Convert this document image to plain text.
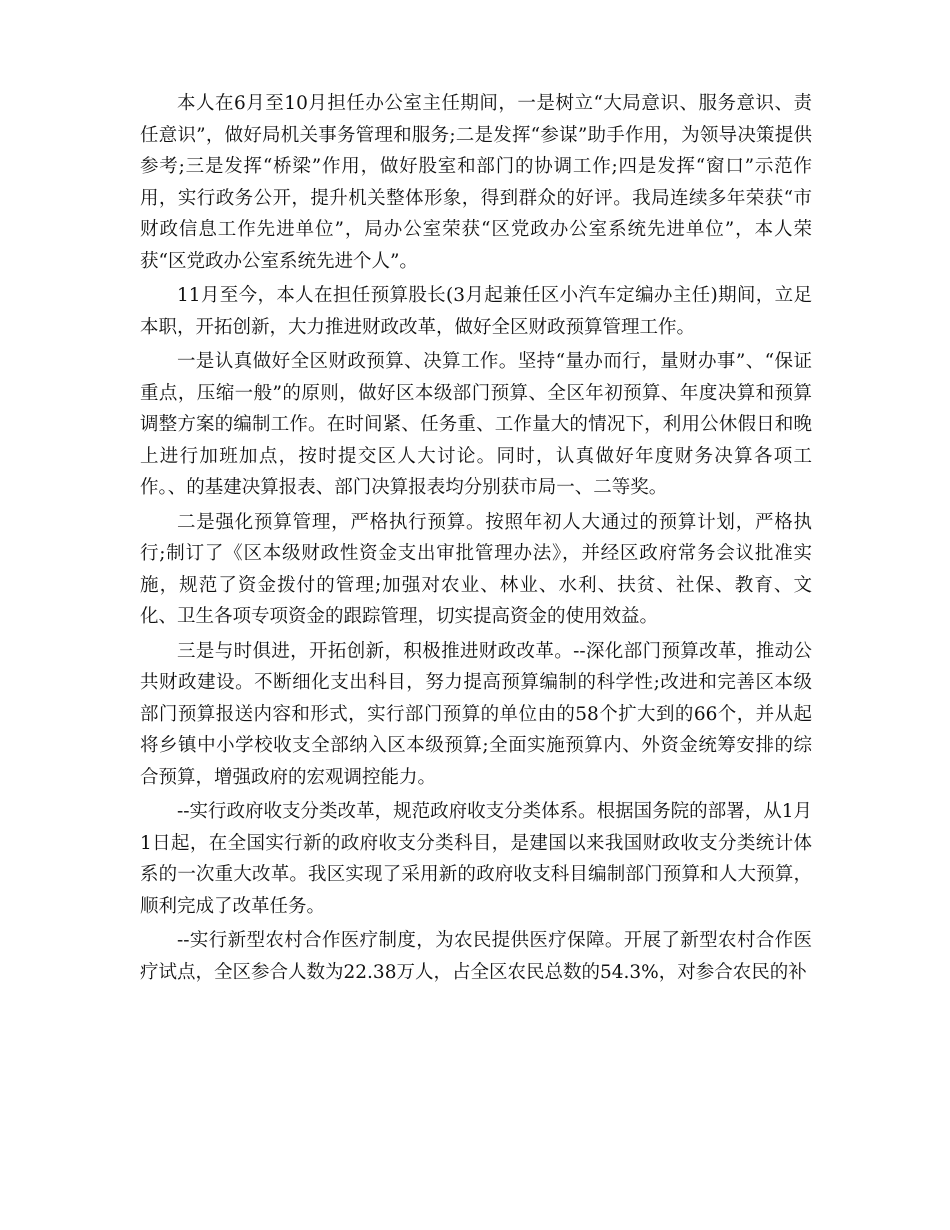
本人在6月至10月担任办公室主任期间，一是树立“大局意识、服务意识、责任意识”，做好局机关事务管理和服务;二是发挥“参谋”助手作用，为领导决策提供参考;三是发挥“桥梁”作用，做好股室和部门的协调工作;四是发挥“窗口”示范作用，实行政务公开，提升机关整体形象，得到群众的好评。我局连续多年荣获“市财政信息工作先进单位”，局办公室荣获“区党政办公室系统先进单位”，本人荣获“区党政办公室系统先进个人”。

11月至今，本人在担任预算股长(3月起兼任区小汽车定编办主任)期间，立足本职，开拓创新，大力推进财政改革，做好全区财政预算管理工作。

一是认真做好全区财政预算、决算工作。坚持“量办而行，量财办事”、“保证重点，压缩一般”的原则，做好区本级部门预算、全区年初预算、年度决算和预算调整方案的编制工作。在时间紧、任务重、工作量大的情况下，利用公休假日和晚上进行加班加点，按时提交区人大讨论。同时，认真做好年度财务决算各项工作。、的基建决算报表、部门决算报表均分别获市局一、二等奖。

二是强化预算管理，严格执行预算。按照年初人大通过的预算计划，严格执行;制订了《区本级财政性资金支出审批管理办法》，并经区政府常务会议批准实施，规范了资金拨付的管理;加强对农业、林业、水利、扶贫、社保、教育、文化、卫生各项专项资金的跟踪管理，切实提高资金的使用效益。

三是与时俱进，开拓创新，积极推进财政改革。--深化部门预算改革，推动公共财政建设。不断细化支出科目，努力提高预算编制的科学性;改进和完善区本级部门预算报送内容和形式，实行部门预算的单位由的58个扩大到的66个，并从起将乡镇中小学校收支全部纳入区本级预算;全面实施预算内、外资金统筹安排的综合预算，增强政府的宏观调控能力。

--实行政府收支分类改革，规范政府收支分类体系。根据国务院的部署，从1月1日起，在全国实行新的政府收支分类科目，是建国以来我国财政收支分类统计体系的一次重大改革。我区实现了采用新的政府收支科目编制部门预算和人大预算，顺利完成了改革任务。

--实行新型农村合作医疗制度，为农民提供医疗保障。开展了新型农村合作医疗试点，全区参合人数为22.38万人，占全区农民总数的54.3%，对参合农民的补
